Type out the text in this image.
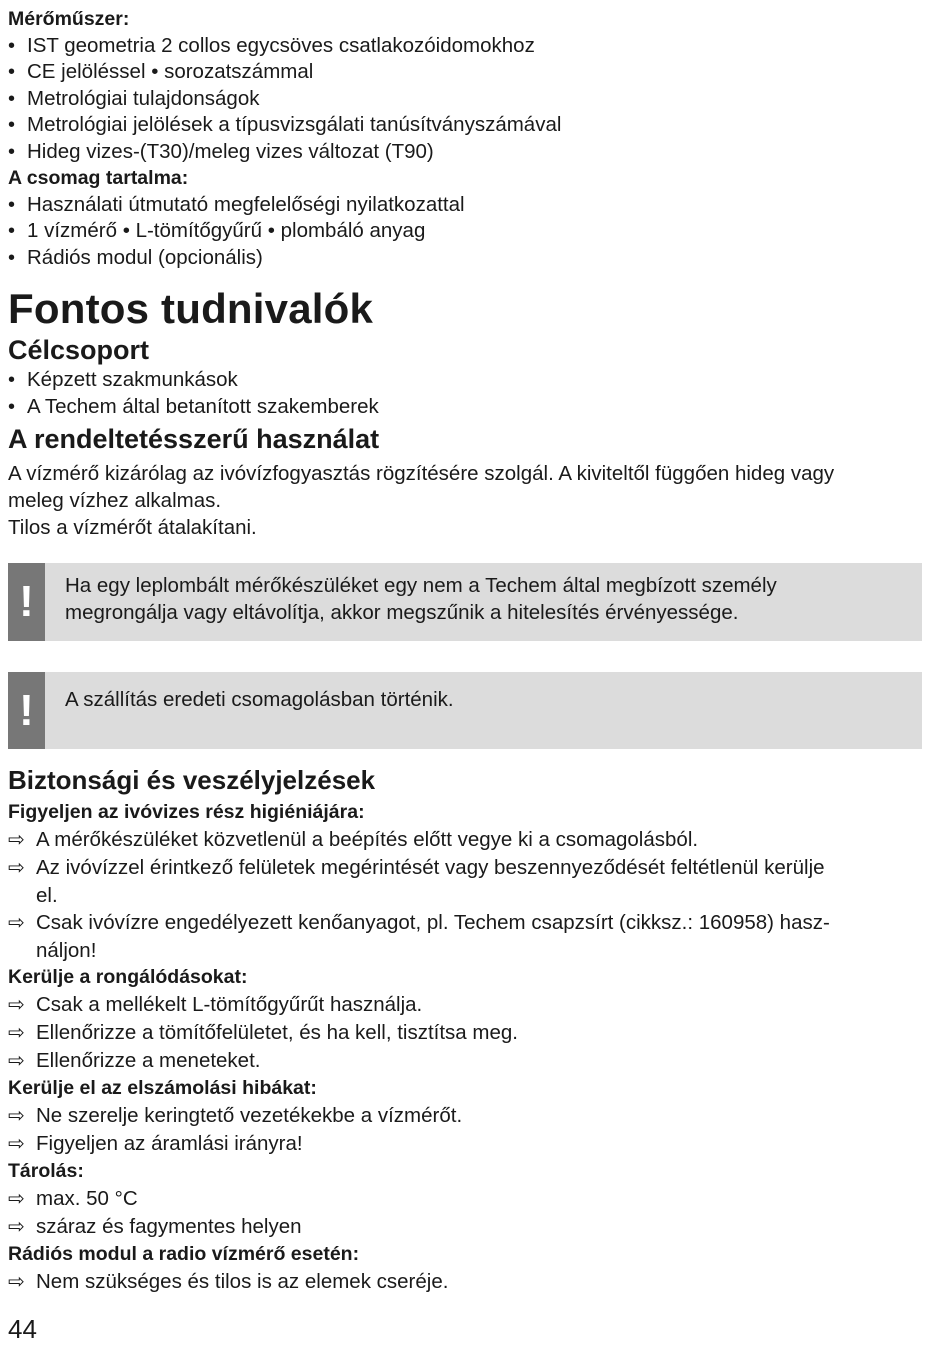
Mérőműszer:
• IST geometria 2 collos egycsöves csatlakozóidomokhoz
• CE jelöléssel • sorozatszámmal
• Metrológiai tulajdonságok
• Metrológiai jelölések a típusvizsgálati tanúsítványszámával
• Hideg vizes-(T30)/meleg vizes változat (T90)
A csomag tartalma:
• Használati útmutató megfelelőségi nyilatkozattal
• 1 vízmérő • L-tömítőgyűrű • plombáló anyag
• Rádiós modul (opcionális)
Fontos tudnivalók
Célcsoport
• Képzett szakmunkások
• A Techem által betanított szakemberek
A rendeltetésszerű használat
A vízmérő kizárólag az ivóvízfogyasztás rögzítésére szolgál. A kiviteltől függően hideg vagy
meleg vízhez alkalmas.
Tilos a vízmérőt átalakítani.
!	Ha egy leplombált mérőkészüléket egy nem a Techem által megbízott személy
megrongálja vagy eltávolítja, akkor megszűnik a hitelesítés érvényessége.
!	A szállítás eredeti csomagolásban történik.
Biztonsági és veszélyjelzések
Figyeljen az ivóvizes rész higiéniájára:
⇨ A mérőkészüléket közvetlenül a beépítés előtt vegye ki a csomagolásból.
⇨ Az ivóvízzel érintkező felületek megérintését vagy beszennyeződését feltétlenül kerülje
el.
⇨ Csak ivóvízre engedélyezett kenőanyagot, pl. Techem csapzsírt (cikksz.: 160958) hasz-
náljon!
Kerülje a rongálódásokat:
⇨ Csak a mellékelt L-tömítőgyűrűt használja.
⇨ Ellenőrizze a tömítőfelületet, és ha kell, tisztítsa meg.
⇨ Ellenőrizze a meneteket.
Kerülje el az elszámolási hibákat:
⇨ Ne szerelje keringtető vezetékekbe a vízmérőt.
⇨ Figyeljen az áramlási irányra!
Tárolás:
⇨ max. 50 °C
⇨ száraz és fagymentes helyen
Rádiós modul a radio vízmérő esetén:
⇨ Nem szükséges és tilos is az elemek cseréje.
44
